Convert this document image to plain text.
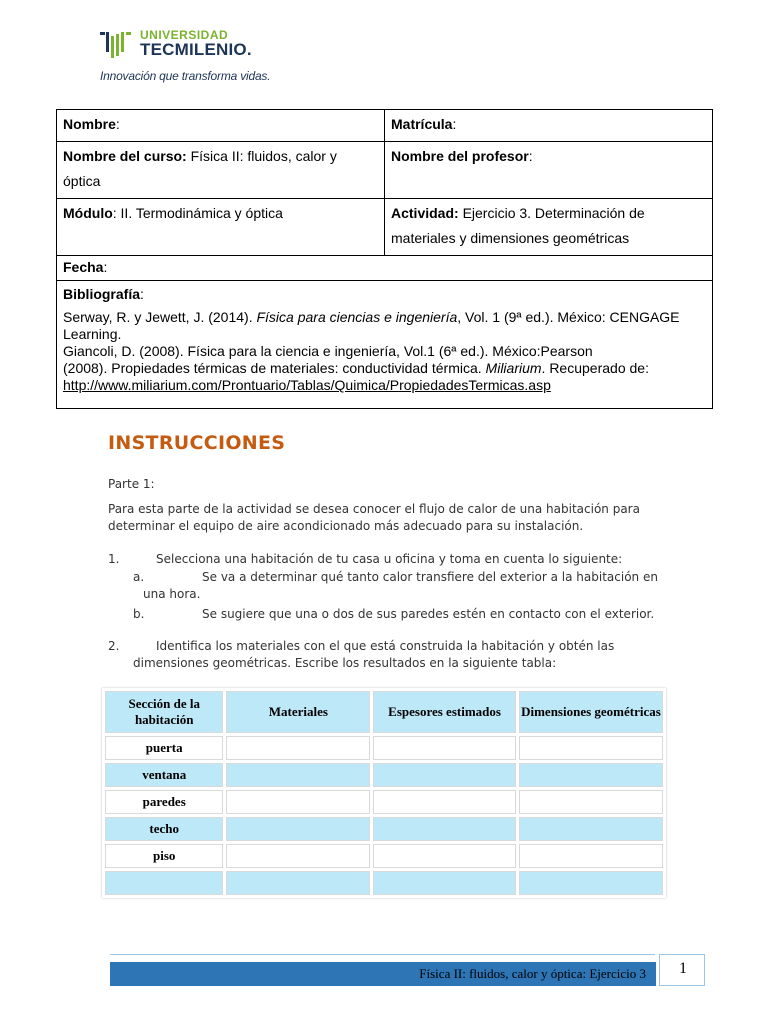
UNIVERSIDAD
TECMILENIO.
Innovación que transforma vidas.
Nombre:	Matrícula:
Nombre del curso: Física II: fluidos, calor y óptica	Nombre del profesor:
Módulo: II. Termodinámica y óptica	Actividad: Ejercicio 3. Determinación de materiales y dimensiones geométricas
Fecha:	

Bibliografía:

Serway, R. y Jewett, J. (2014). Física para ciencias e ingeniería, Vol. 1 (9ª ed.). México: CENGAGE Learning.

Giancoli, D. (2008). Física para la ciencia e ingeniería, Vol.1 (6ª ed.). México:Pearson

(2008). Propiedades térmicas de materiales: conductividad térmica. Miliarium. Recuperado de: http://www.miliarium.com/Prontuario/Tablas/Quimica/PropiedadesTermicas.asp	

INSTRUCCIONES
Parte 1:
Para esta parte de la actividad se desea conocer el flujo de calor de una habitación para determinar el equipo de aire acondicionado más adecuado para su instalación.
1.	Selecciona una habitación de tu casa u oficina y toma en cuenta lo siguiente:
a.	Se va a determinar qué tanto calor transfiere del exterior a la habitación en
una hora.
b.	Se sugiere que una o dos de sus paredes estén en contacto con el exterior.
2.	Identifica los materiales con el que está construida la habitación y obtén las
dimensiones geométricas. Escribe los resultados en la siguiente tabla:
Sección de la habitación	Materiales	Espesores estimados	Dimensiones geométricas
puerta			
ventana			
paredes			
techo			
piso			

Física II: fluidos, calor y óptica: Ejercicio 3	1
